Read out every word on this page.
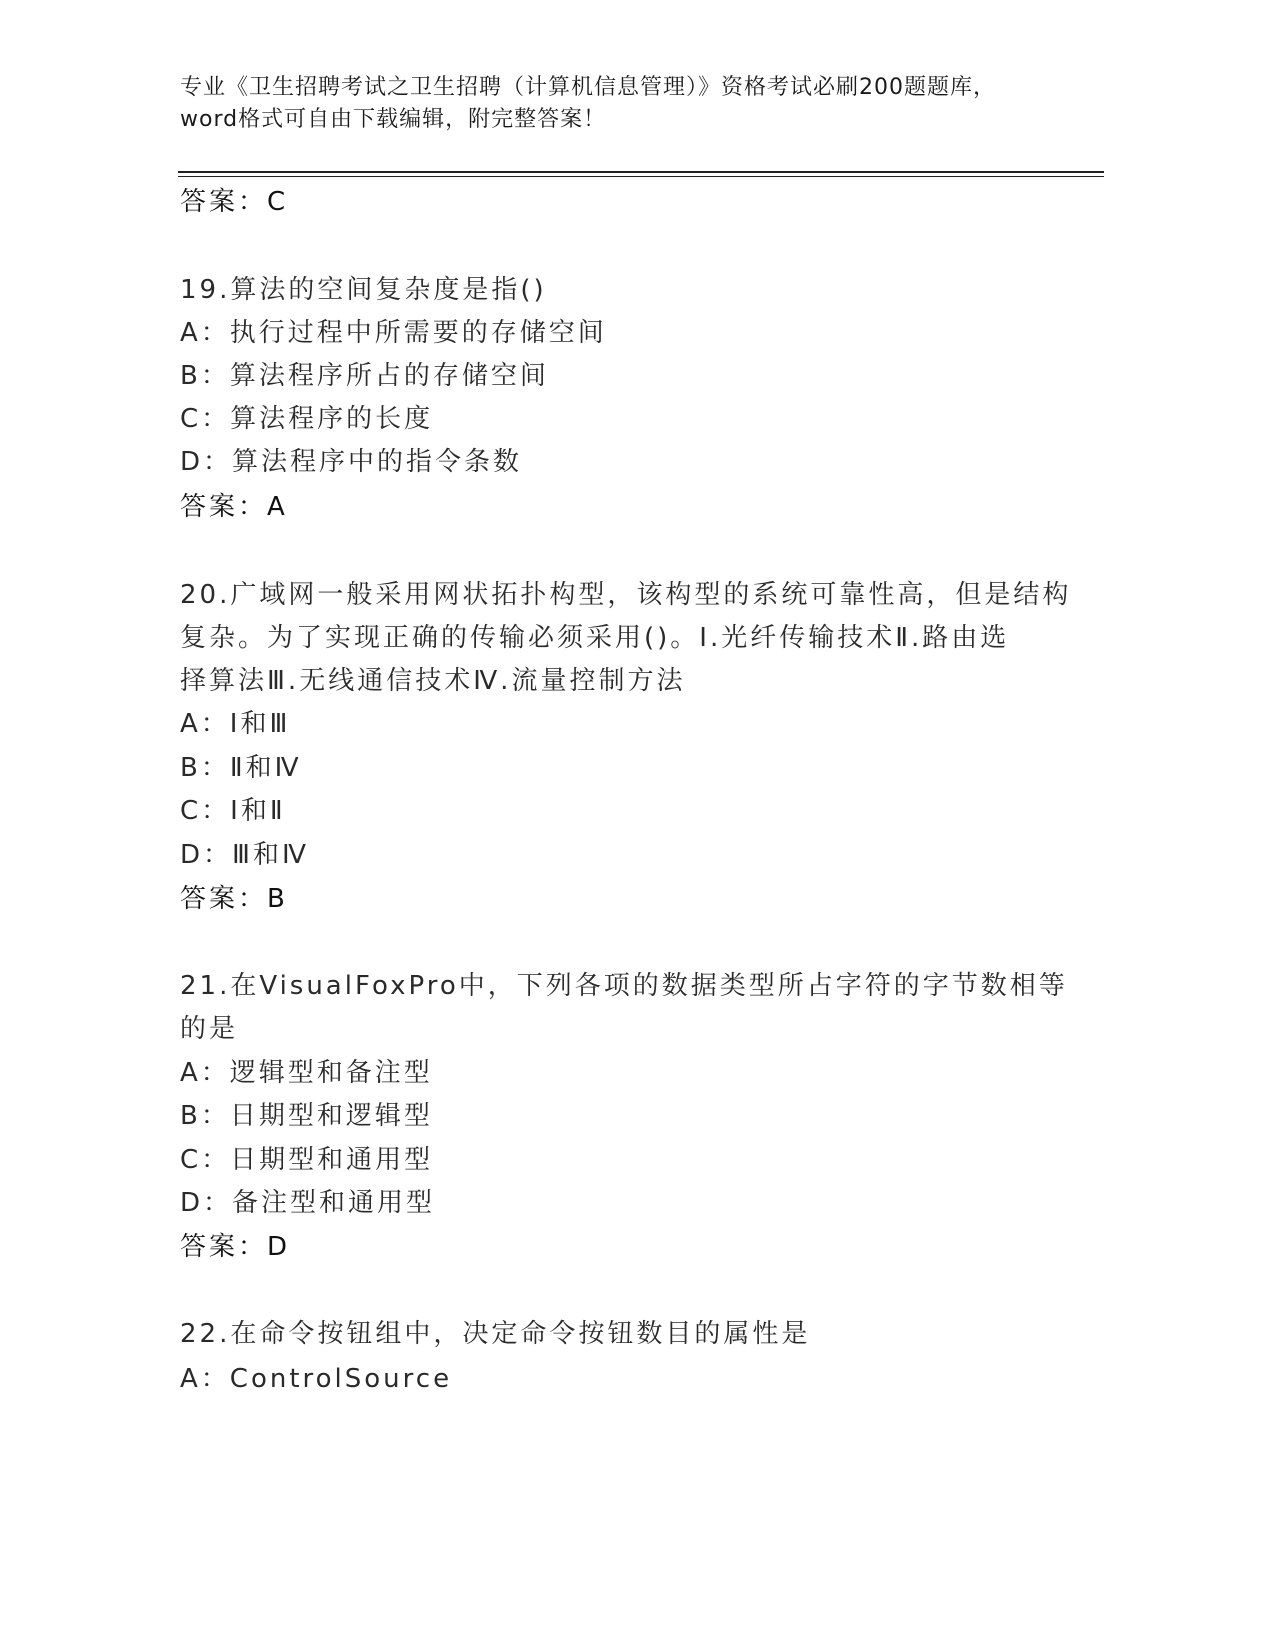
专业《卫生招聘考试之卫生招聘（计算机信息管理）》资格考试必刷200题题库，
word格式可自由下载编辑，附完整答案！
答案：C
19.算法的空间复杂度是指()
A：执行过程中所需要的存储空间
B：算法程序所占的存储空间
C：算法程序的长度
D：算法程序中的指令条数
答案：A
20.广域网一般采用网状拓扑构型，该构型的系统可靠性高，但是结构
复杂。为了实现正确的传输必须采用()。Ⅰ.光纤传输技术Ⅱ.路由选
择算法Ⅲ.无线通信技术Ⅳ.流量控制方法
A：Ⅰ和Ⅲ
B：Ⅱ和Ⅳ
C：Ⅰ和Ⅱ
D：Ⅲ和Ⅳ
答案：B
21.在VisualFoxPro中，下列各项的数据类型所占字符的字节数相等
的是
A：逻辑型和备注型
B：日期型和逻辑型
C：日期型和通用型
D：备注型和通用型
答案：D
22.在命令按钮组中，决定命令按钮数目的属性是
A：ControlSource
